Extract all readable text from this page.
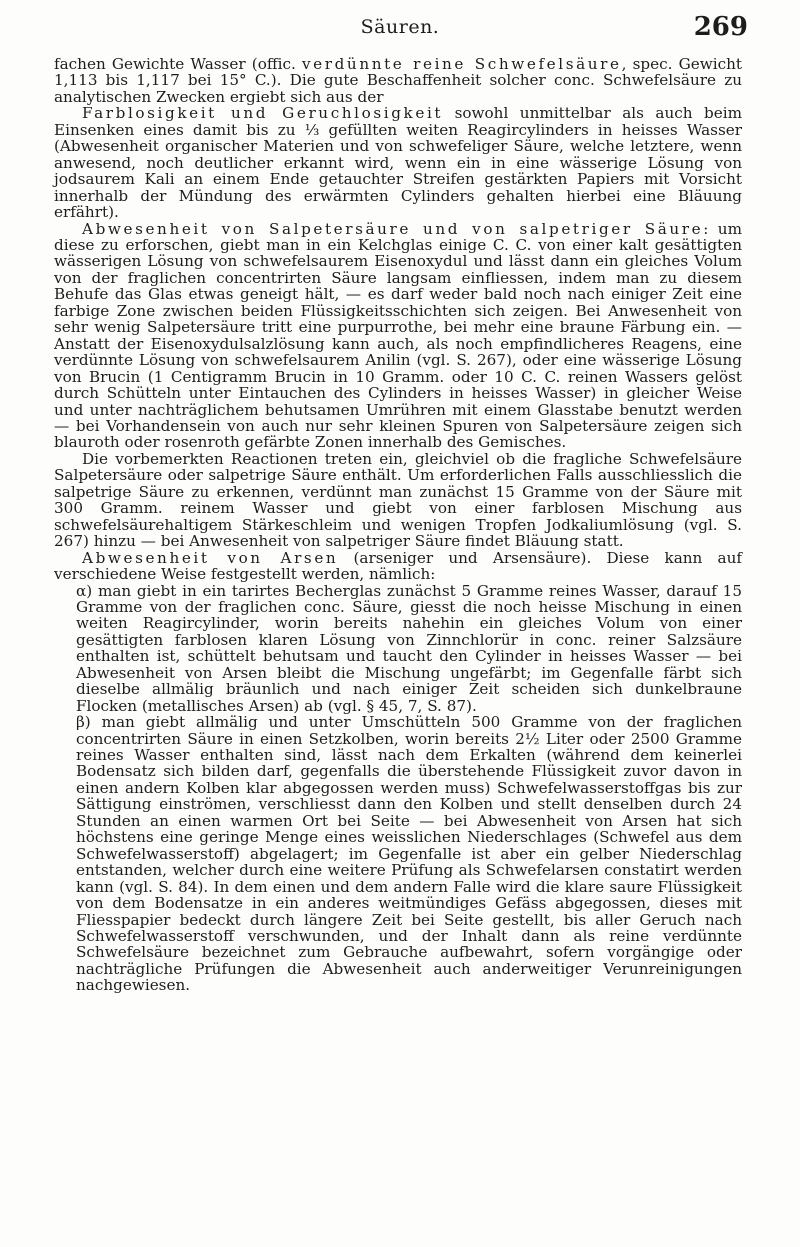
Säuren.	269

fachen Gewichte Wasser (offic. verdünnte reine Schwefelsäure, spec. Gewicht 1,113 bis 1,117 bei 15° C.). Die gute Beschaffenheit solcher conc. Schwefelsäure zu analytischen Zwecken ergiebt sich aus der

Farblosigkeit und Geruchlosigkeit sowohl unmittelbar als auch beim Einsenken eines damit bis zu ⅓ gefüllten weiten Reagircylinders in heisses Wasser (Abwesenheit organischer Materien und von schwefeliger Säure, welche letztere, wenn anwesend, noch deutlicher erkannt wird, wenn ein in eine wässerige Lösung von jodsaurem Kali an einem Ende getauchter Streifen gestärkten Papiers mit Vorsicht innerhalb der Mündung des erwärmten Cylinders gehalten hierbei eine Bläuung erfährt).

Abwesenheit von Salpetersäure und von salpetriger Säure: um diese zu erforschen, giebt man in ein Kelchglas einige C. C. von einer kalt gesättigten wässerigen Lösung von schwefelsaurem Eisenoxydul und lässt dann ein gleiches Volum von der fraglichen concentrirten Säure langsam einfliessen, indem man zu diesem Behufe das Glas etwas geneigt hält, — es darf weder bald noch nach einiger Zeit eine farbige Zone zwischen beiden Flüssigkeitsschichten sich zeigen. Bei Anwesenheit von sehr wenig Salpetersäure tritt eine purpurrothe, bei mehr eine braune Färbung ein. — Anstatt der Eisenoxydulsalzlösung kann auch, als noch empfindlicheres Reagens, eine verdünnte Lösung von schwefelsaurem Anilin (vgl. S. 267), oder eine wässerige Lösung von Brucin (1 Centigramm Brucin in 10 Gramm. oder 10 C. C. reinen Wassers gelöst durch Schütteln unter Eintauchen des Cylinders in heisses Wasser) in gleicher Weise und unter nachträglichem behutsamen Umrühren mit einem Glasstabe benutzt werden — bei Vorhandensein von auch nur sehr kleinen Spuren von Salpetersäure zeigen sich blauroth oder rosenroth gefärbte Zonen innerhalb des Gemisches.

Die vorbemerkten Reactionen treten ein, gleichviel ob die fragliche Schwefelsäure Salpetersäure oder salpetrige Säure enthält. Um erforderlichen Falls ausschliesslich die salpetrige Säure zu erkennen, verdünnt man zunächst 15 Gramme von der Säure mit 300 Gramm. reinem Wasser und giebt von einer farblosen Mischung aus schwefelsäurehaltigem Stärkeschleim und wenigen Tropfen Jodkaliumlösung (vgl. S. 267) hinzu — bei Anwesenheit von salpetriger Säure findet Bläuung statt.

Abwesenheit von Arsen (arseniger und Arsensäure). Diese kann auf verschiedene Weise festgestellt werden, nämlich:

α) man giebt in ein tarirtes Becherglas zunächst 5 Gramme reines Wasser, darauf 15 Gramme von der fraglichen conc. Säure, giesst die noch heisse Mischung in einen weiten Reagircylinder, worin bereits nahehin ein gleiches Volum von einer gesättigten farblosen klaren Lösung von Zinnchlorür in conc. reiner Salzsäure enthalten ist, schüttelt behutsam und taucht den Cylinder in heisses Wasser — bei Abwesenheit von Arsen bleibt die Mischung ungefärbt; im Gegenfalle färbt sich dieselbe allmälig bräunlich und nach einiger Zeit scheiden sich dunkelbraune Flocken (metallisches Arsen) ab (vgl. § 45, 7, S. 87).

β) man giebt allmälig und unter Umschütteln 500 Gramme von der fraglichen concentrirten Säure in einen Setzkolben, worin bereits 2½ Liter oder 2500 Gramme reines Wasser enthalten sind, lässt nach dem Erkalten (während dem keinerlei Bodensatz sich bilden darf, gegenfalls die überstehende Flüssigkeit zuvor davon in einen andern Kolben klar abgegossen werden muss) Schwefelwasserstoffgas bis zur Sättigung einströmen, verschliesst dann den Kolben und stellt denselben durch 24 Stunden an einen warmen Ort bei Seite — bei Abwesenheit von Arsen hat sich höchstens eine geringe Menge eines weisslichen Niederschlages (Schwefel aus dem Schwefelwasserstoff) abgelagert; im Gegenfalle ist aber ein gelber Niederschlag entstanden, welcher durch eine weitere Prüfung als Schwefelarsen constatirt werden kann (vgl. S. 84). In dem einen und dem andern Falle wird die klare saure Flüssigkeit von dem Bodensatze in ein anderes weitmündiges Gefäss abgegossen, dieses mit Fliesspapier bedeckt durch längere Zeit bei Seite gestellt, bis aller Geruch nach Schwefelwasserstoff verschwunden, und der Inhalt dann als reine verdünnte Schwefelsäure bezeichnet zum Gebrauche aufbewahrt, sofern vorgängige oder nachträgliche Prüfungen die Abwesenheit auch anderweitiger Verunreinigungen nachgewiesen.
